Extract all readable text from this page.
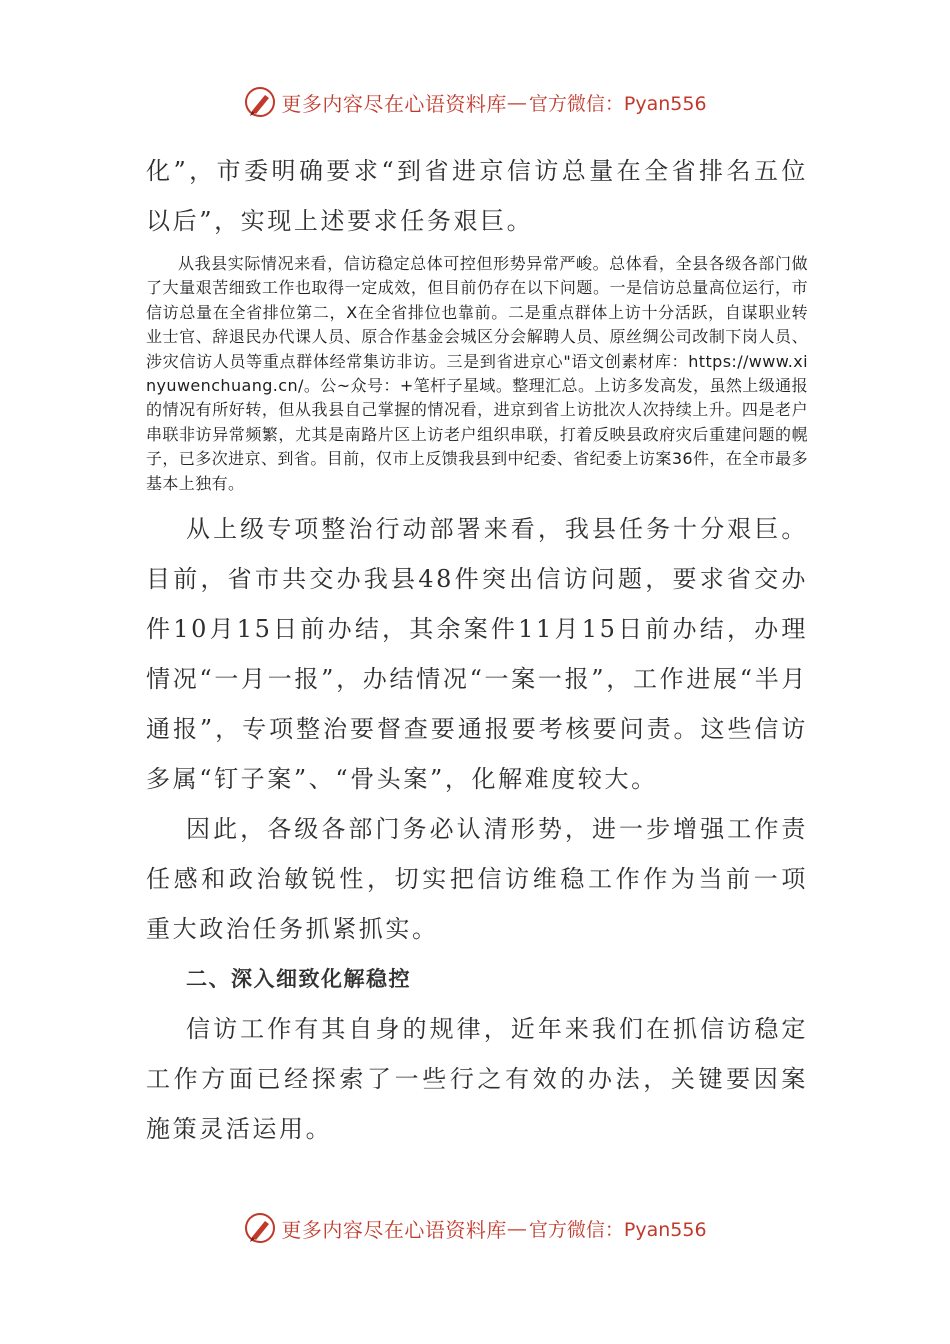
更多内容尽在心语资料库 — 官方微信：Pyan556

化”，市委明确要求“到省进京信访总量在全省排名五位以后”，实现上述要求任务艰巨。

从我县实际情况来看，信访稳定总体可控但形势异常严峻。总体看，全县各级各部门做了大量艰苦细致工作也取得一定成效，但目前仍存在以下问题。一是信访总量高位运行，市信访总量在全省排位第二，X在全省排位也靠前。二是重点群体上访十分活跃，自谋职业转业士官、辞退民办代课人员、原合作基金会城区分会解聘人员、原丝绸公司改制下岗人员、涉灾信访人员等重点群体经常集访非访。三是到省进京心"语文创素材库：https://www.xinyuwenchuang.cn/。公~众号：+笔杆子星域。整理汇总。上访多发高发，虽然上级通报的情况有所好转，但从我县自己掌握的情况看，进京到省上访批次人次持续上升。四是老户串联非访异常频繁，尤其是南路片区上访老户组织串联，打着反映县政府灾后重建问题的幌子，已多次进京、到省。目前，仅市上反馈我县到中纪委、省纪委上访案36件，在全市最多基本上独有。

从上级专项整治行动部署来看，我县任务十分艰巨。目前，省市共交办我县48件突出信访问题，要求省交办件10月15日前办结，其余案件11月15日前办结，办理情况“一月一报”，办结情况“一案一报”，工作进展“半月通报”，专项整治要督查要通报要考核要问责。这些信访多属“钉子案”、“骨头案”，化解难度较大。

因此，各级各部门务必认清形势，进一步增强工作责任感和政治敏锐性，切实把信访维稳工作作为当前一项重大政治任务抓紧抓实。

二、深入细致化解稳控

信访工作有其自身的规律，近年来我们在抓信访稳定工作方面已经探索了一些行之有效的办法，关键要因案施策灵活运用。

更多内容尽在心语资料库 — 官方微信：Pyan556
